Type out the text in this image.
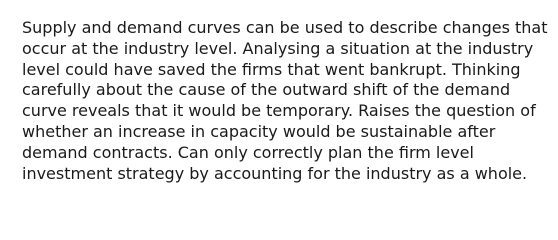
Supply and demand curves can be used to describe changes that
occur at the industry level. Analysing a situation at the industry
level could have saved the firms that went bankrupt. Thinking
carefully about the cause of the outward shift of the demand
curve reveals that it would be temporary. Raises the question of
whether an increase in capacity would be sustainable after
demand contracts. Can only correctly plan the firm level
investment strategy by accounting for the industry as a whole.
